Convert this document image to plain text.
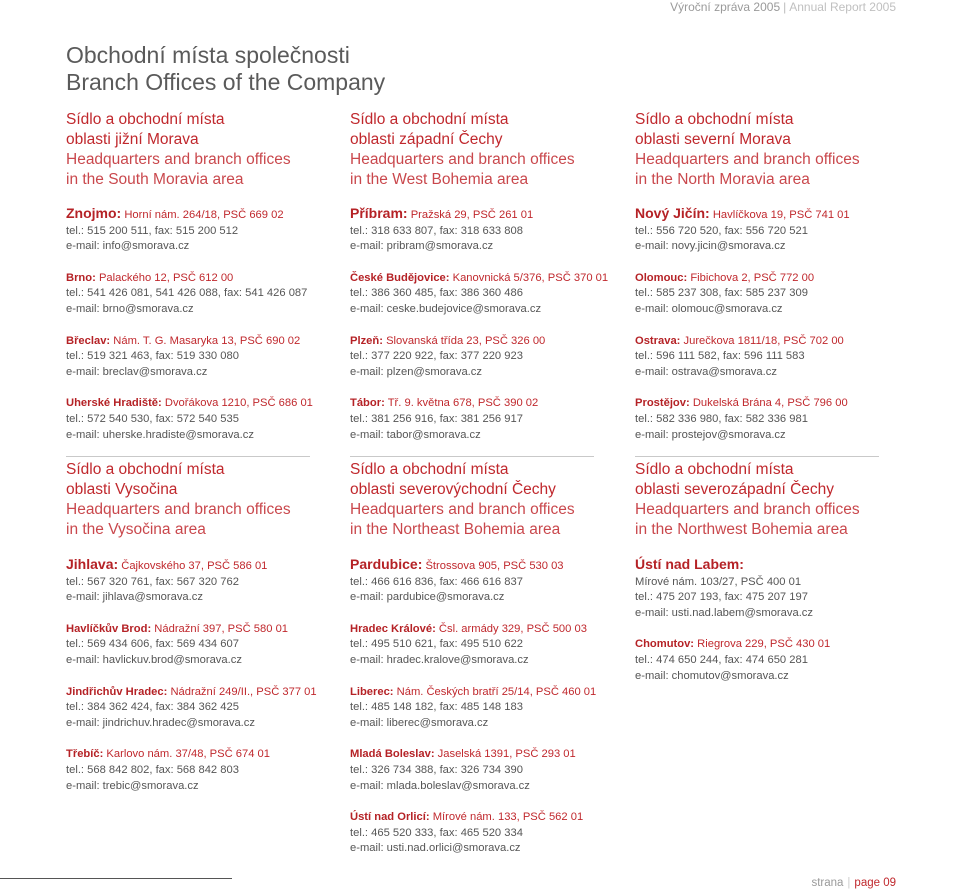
Výroční zpráva 2005 | Annual Report 2005
Obchodní místa společnosti
Branch Offices of the Company
Sídlo a obchodní místa
oblasti jižní Morava
Headquarters and branch offices
in the South Moravia area
Znojmo: Horní nám. 264/18, PSČ 669 02
tel.: 515 200 511, fax: 515 200 512
e-mail: info@smorava.cz
Brno: Palackého 12, PSČ 612 00
tel.: 541 426 081, 541 426 088, fax: 541 426 087
e-mail: brno@smorava.cz
Břeclav: Nám. T. G. Masaryka 13, PSČ 690 02
tel.: 519 321 463, fax: 519 330 080
e-mail: breclav@smorava.cz
Uherské Hradiště: Dvořákova 1210, PSČ 686 01
tel.: 572 540 530, fax: 572 540 535
e-mail: uherske.hradiste@smorava.cz
Sídlo a obchodní místa
oblasti západní Čechy
Headquarters and branch offices
in the West Bohemia area
Příbram: Pražská 29, PSČ 261 01
tel.: 318 633 807, fax: 318 633 808
e-mail: pribram@smorava.cz
České Budějovice: Kanovnická 5/376, PSČ 370 01
tel.: 386 360 485, fax: 386 360 486
e-mail: ceske.budejovice@smorava.cz
Plzeň: Slovanská třída 23, PSČ 326 00
tel.: 377 220 922, fax: 377 220 923
e-mail: plzen@smorava.cz
Tábor: Tř. 9. května 678, PSČ 390 02
tel.: 381 256 916, fax: 381 256 917
e-mail: tabor@smorava.cz
Sídlo a obchodní místa
oblasti severní Morava
Headquarters and branch offices
in the North Moravia area
Nový Jičín: Havlíčkova 19, PSČ 741 01
tel.: 556 720 520, fax: 556 720 521
e-mail: novy.jicin@smorava.cz
Olomouc: Fibichova 2, PSČ 772 00
tel.: 585 237 308, fax: 585 237 309
e-mail: olomouc@smorava.cz
Ostrava: Jurečkova 1811/18, PSČ 702 00
tel.: 596 111 582, fax: 596 111 583
e-mail: ostrava@smorava.cz
Prostějov: Dukelská Brána 4, PSČ 796 00
tel.: 582 336 980, fax: 582 336 981
e-mail: prostejov@smorava.cz
Sídlo a obchodní místa
oblasti Vysočina
Headquarters and branch offices
in the Vysočina area
Jihlava: Čajkovského 37, PSČ 586 01
tel.: 567 320 761, fax: 567 320 762
e-mail: jihlava@smorava.cz
Havlíčkův Brod: Nádražní 397, PSČ 580 01
tel.: 569 434 606, fax: 569 434 607
e-mail: havlickuv.brod@smorava.cz
Jindřichův Hradec: Nádražní 249/II., PSČ 377 01
tel.: 384 362 424, fax: 384 362 425
e-mail: jindrichuv.hradec@smorava.cz
Třebíč: Karlovo nám. 37/48, PSČ 674 01
tel.: 568 842 802, fax: 568 842 803
e-mail: trebic@smorava.cz
Sídlo a obchodní místa
oblasti severovýchodní Čechy
Headquarters and branch offices
in the Northeast Bohemia area
Pardubice: Štrossova 905, PSČ 530 03
tel.: 466 616 836, fax: 466 616 837
e-mail: pardubice@smorava.cz
Hradec Králové: Čsl. armády 329, PSČ 500 03
tel.: 495 510 621, fax: 495 510 622
e-mail: hradec.kralove@smorava.cz
Liberec: Nám. Českých bratří 25/14, PSČ 460 01
tel.: 485 148 182, fax: 485 148 183
e-mail: liberec@smorava.cz
Mladá Boleslav: Jaselská 1391, PSČ 293 01
tel.: 326 734 388, fax: 326 734 390
e-mail: mlada.boleslav@smorava.cz
Ústí nad Orlicí: Mírové nám. 133, PSČ 562 01
tel.: 465 520 333, fax: 465 520 334
e-mail: usti.nad.orlici@smorava.cz
Sídlo a obchodní místa
oblasti severozápadní Čechy
Headquarters and branch offices
in the Northwest Bohemia area
Ústí nad Labem:
Mírové nám. 103/27, PSČ 400 01
tel.: 475 207 193, fax: 475 207 197
e-mail: usti.nad.labem@smorava.cz
Chomutov: Riegrova 229, PSČ 430 01
tel.: 474 650 244, fax: 474 650 281
e-mail: chomutov@smorava.cz
strana | page 09
